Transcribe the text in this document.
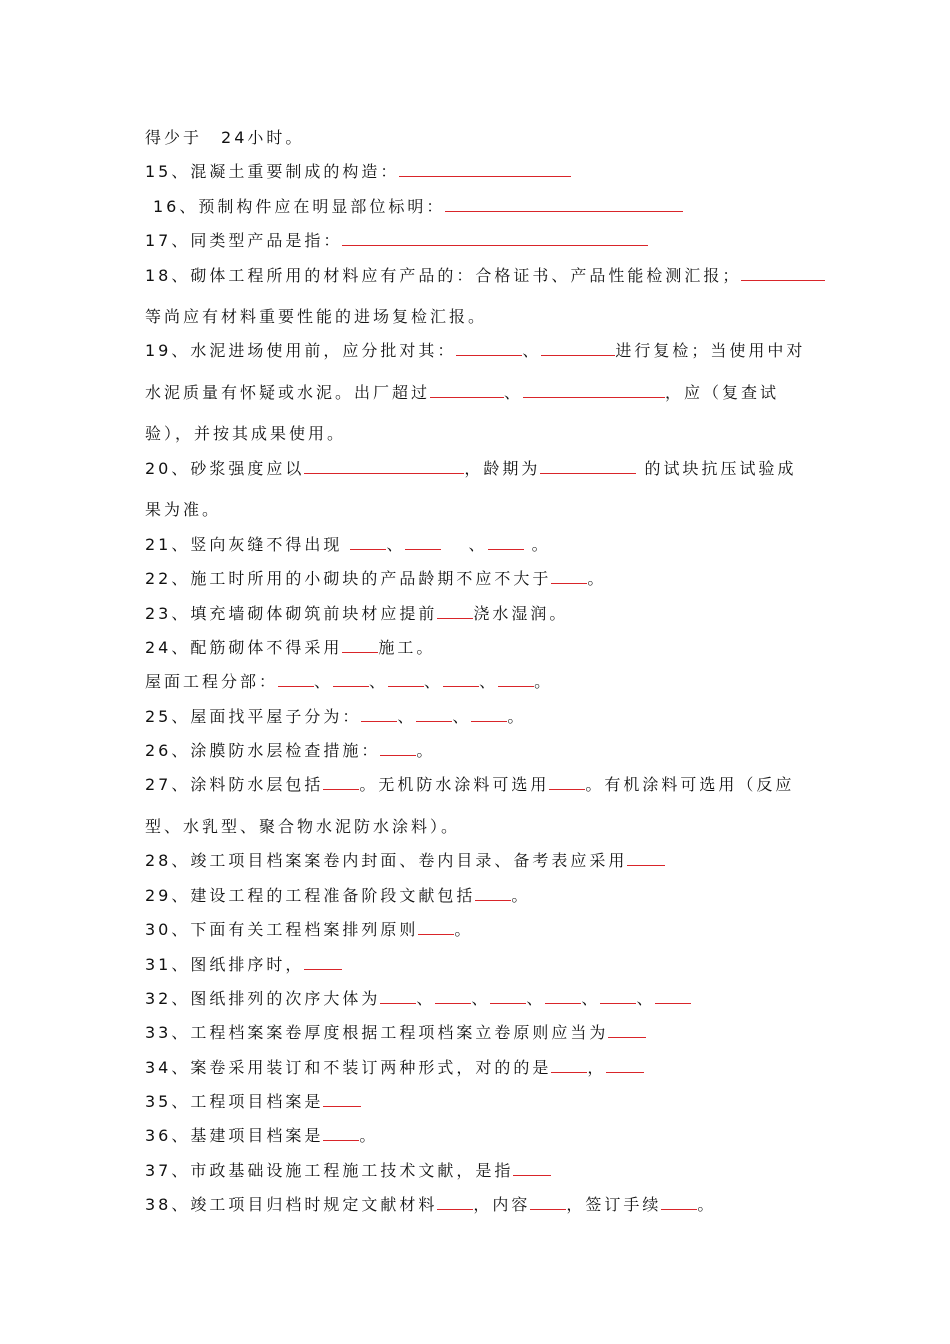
得少于　24小时。
15、混凝土重要制成的构造：
16、预制构件应在明显部位标明：
17、同类型产品是指：
18、砌体工程所用的材料应有产品的：合格证书、产品性能检测汇报；
等尚应有材料重要性能的进场复检汇报。
19、水泥进场使用前，应分批对其：	、	进行复检；当使用中对
水泥质量有怀疑或水泥。出厂超过	、	，应（复查试
验），并按其成果使用。
20、砂浆强度应以	，龄期为	的试块抗压试验成
果为准。
21、竖向灰缝不得出现 、　 、 。
22、施工时所用的小砌块的产品龄期不应不大于 。
23、填充墙砌体砌筑前块材应提前 浇水湿润。
24、配筋砌体不得采用 施工。
屋面工程分部： 、 、 、 、 。
25、屋面找平屋子分为： 、 、 。
26、涂膜防水层检查措施： 。
27、涂料防水层包括 。无机防水涂料可选用 。有机涂料可选用（反应
型、水乳型、聚合物水泥防水涂料）。
28、竣工项目档案案卷内封面、卷内目录、备考表应采用
29、建设工程的工程准备阶段文献包括 。
30、下面有关工程档案排列原则 。
31、图纸排序时，
32、图纸排列的次序大体为 、 、 、 、 、
33、工程档案案卷厚度根据工程项档案立卷原则应当为
34、案卷采用装订和不装订两种形式，对的的是 ，
35、工程项目档案是
36、基建项目档案是 。
37、市政基础设施工程施工技术文献，是指
38、竣工项目归档时规定文献材料 ，内容 ，签订手续 。
